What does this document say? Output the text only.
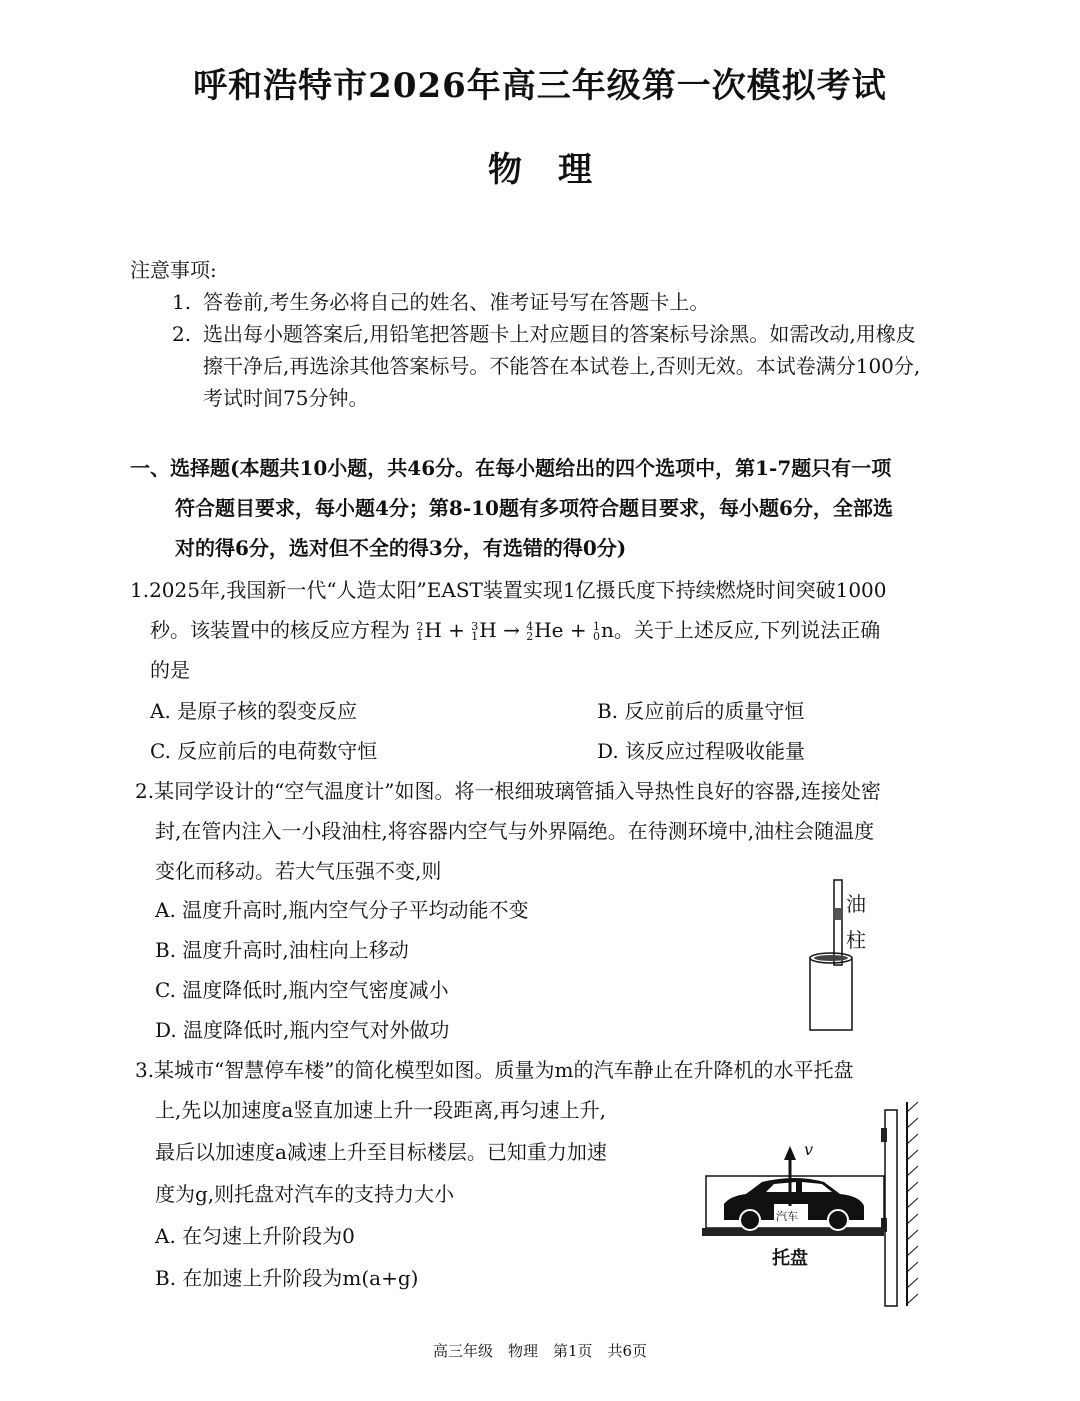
呼和浩特市2026年高三年级第一次模拟考试
物理
注意事项:
1. 答卷前,考生务必将自己的姓名、准考证号写在答题卡上。
2. 选出每小题答案后,用铅笔把答题卡上对应题目的答案标号涂黑。如需改动,用橡皮
擦干净后,再选涂其他答案标号。不能答在本试卷上,否则无效。本试卷满分100分,
考试时间75分钟。
一、选择题(本题共10小题，共46分。在每小题给出的四个选项中，第1-7题只有一项
符合题目要求，每小题4分；第8-10题有多项符合题目要求，每小题6分，全部选
对的得6分，选对但不全的得3分，有选错的得0分)
1.2025年,我国新一代“人造太阳”EAST装置实现1亿摄氏度下持续燃烧时间突破1000
秒。该装置中的核反应方程为 2
1H + 3
1H → 4
2He + 1
0n。关于上述反应,下列说法正确
的是
A. 是原子核的裂变反应	B. 反应前后的质量守恒
C. 反应前后的电荷数守恒	D. 该反应过程吸收能量
2.某同学设计的“空气温度计”如图。将一根细玻璃管插入导热性良好的容器,连接处密
封,在管内注入一小段油柱,将容器内空气与外界隔绝。在待测环境中,油柱会随温度
变化而移动。若大气压强不变,则
A. 温度升高时,瓶内空气分子平均动能不变
B. 温度升高时,油柱向上移动
C. 温度降低时,瓶内空气密度减小
D. 温度降低时,瓶内空气对外做功
油
柱
3.某城市“智慧停车楼”的简化模型如图。质量为m的汽车静止在升降机的水平托盘
上,先以加速度a竖直加速上升一段距离,再匀速上升,
最后以加速度a减速上升至目标楼层。已知重力加速
度为g,则托盘对汽车的支持力大小
A. 在匀速上升阶段为0
B. 在加速上升阶段为m(a+g)
v
汽车
托盘
高三年级　物理　第1页　共6页
